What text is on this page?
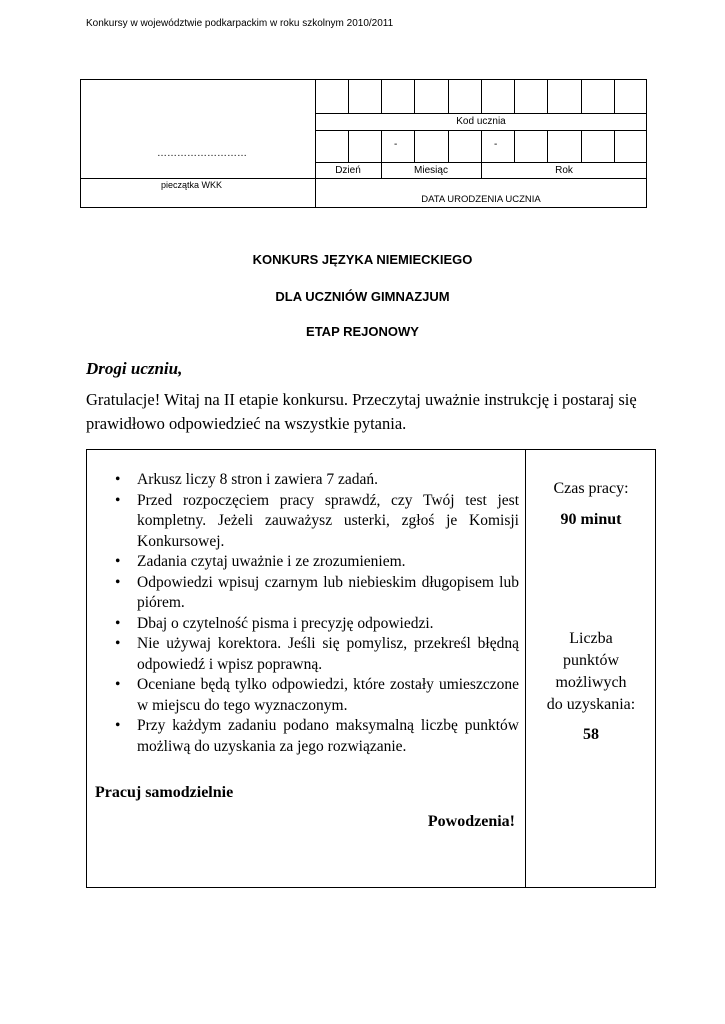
Konkursy w województwie podkarpackim w roku szkolnym 2010/2011
………………………
pieczątka WKK
Kod ucznia
-	-
Dzień	Miesiąc	Rok
DATA URODZENIA UCZNIA
KONKURS JĘZYKA NIEMIECKIEGO
DLA UCZNIÓW GIMNAZJUM
ETAP REJONOWY
Drogi uczniu,
Gratulacje! Witaj na II etapie konkursu. Przeczytaj uważnie instrukcję i postaraj się prawidłowo odpowiedzieć na wszystkie pytania.
• Arkusz liczy 8 stron i zawiera 7 zadań.
• Przed rozpoczęciem pracy sprawdź, czy Twój test jest kompletny. Jeżeli zauważysz usterki, zgłoś je Komisji Konkursowej.
• Zadania czytaj uważnie i ze zrozumieniem.
• Odpowiedzi wpisuj czarnym lub niebieskim długopisem lub piórem.
• Dbaj o czytelność pisma i precyzję odpowiedzi.
• Nie używaj korektora. Jeśli się pomylisz, przekreśl błędną odpowiedź i wpisz poprawną.
• Oceniane będą tylko odpowiedzi, które zostały umieszczone w miejscu do tego wyznaczonym.
• Przy każdym zadaniu podano maksymalną liczbę punktów możliwą do uzyskania za jego rozwiązanie.
Pracuj samodzielnie
Powodzenia!
Czas pracy:
90 minut
Liczba
punktów
możliwych
do uzyskania:
58
